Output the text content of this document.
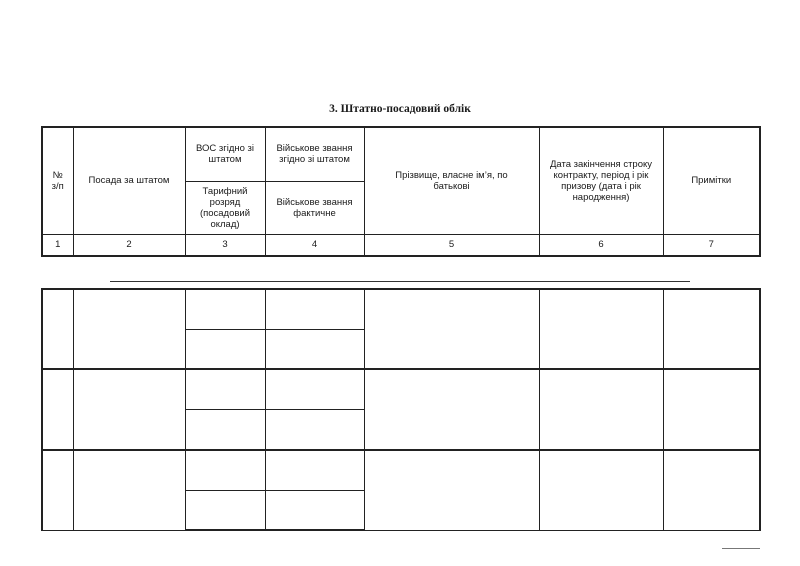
3. Штатно-посадовий облік
№ з/п	Посада за штатом	ВОС згідно зі штатом	Військове звання згідно зі штатом	Прізвище, власне ім’я, по батькові	Дата закінчення строку контракту, період і рік призову (дата і рік народження)	Примітки

		Тарифний розряд (посадовий оклад)	Військове звання фактичне			

1	2	3	4	5	6	7
